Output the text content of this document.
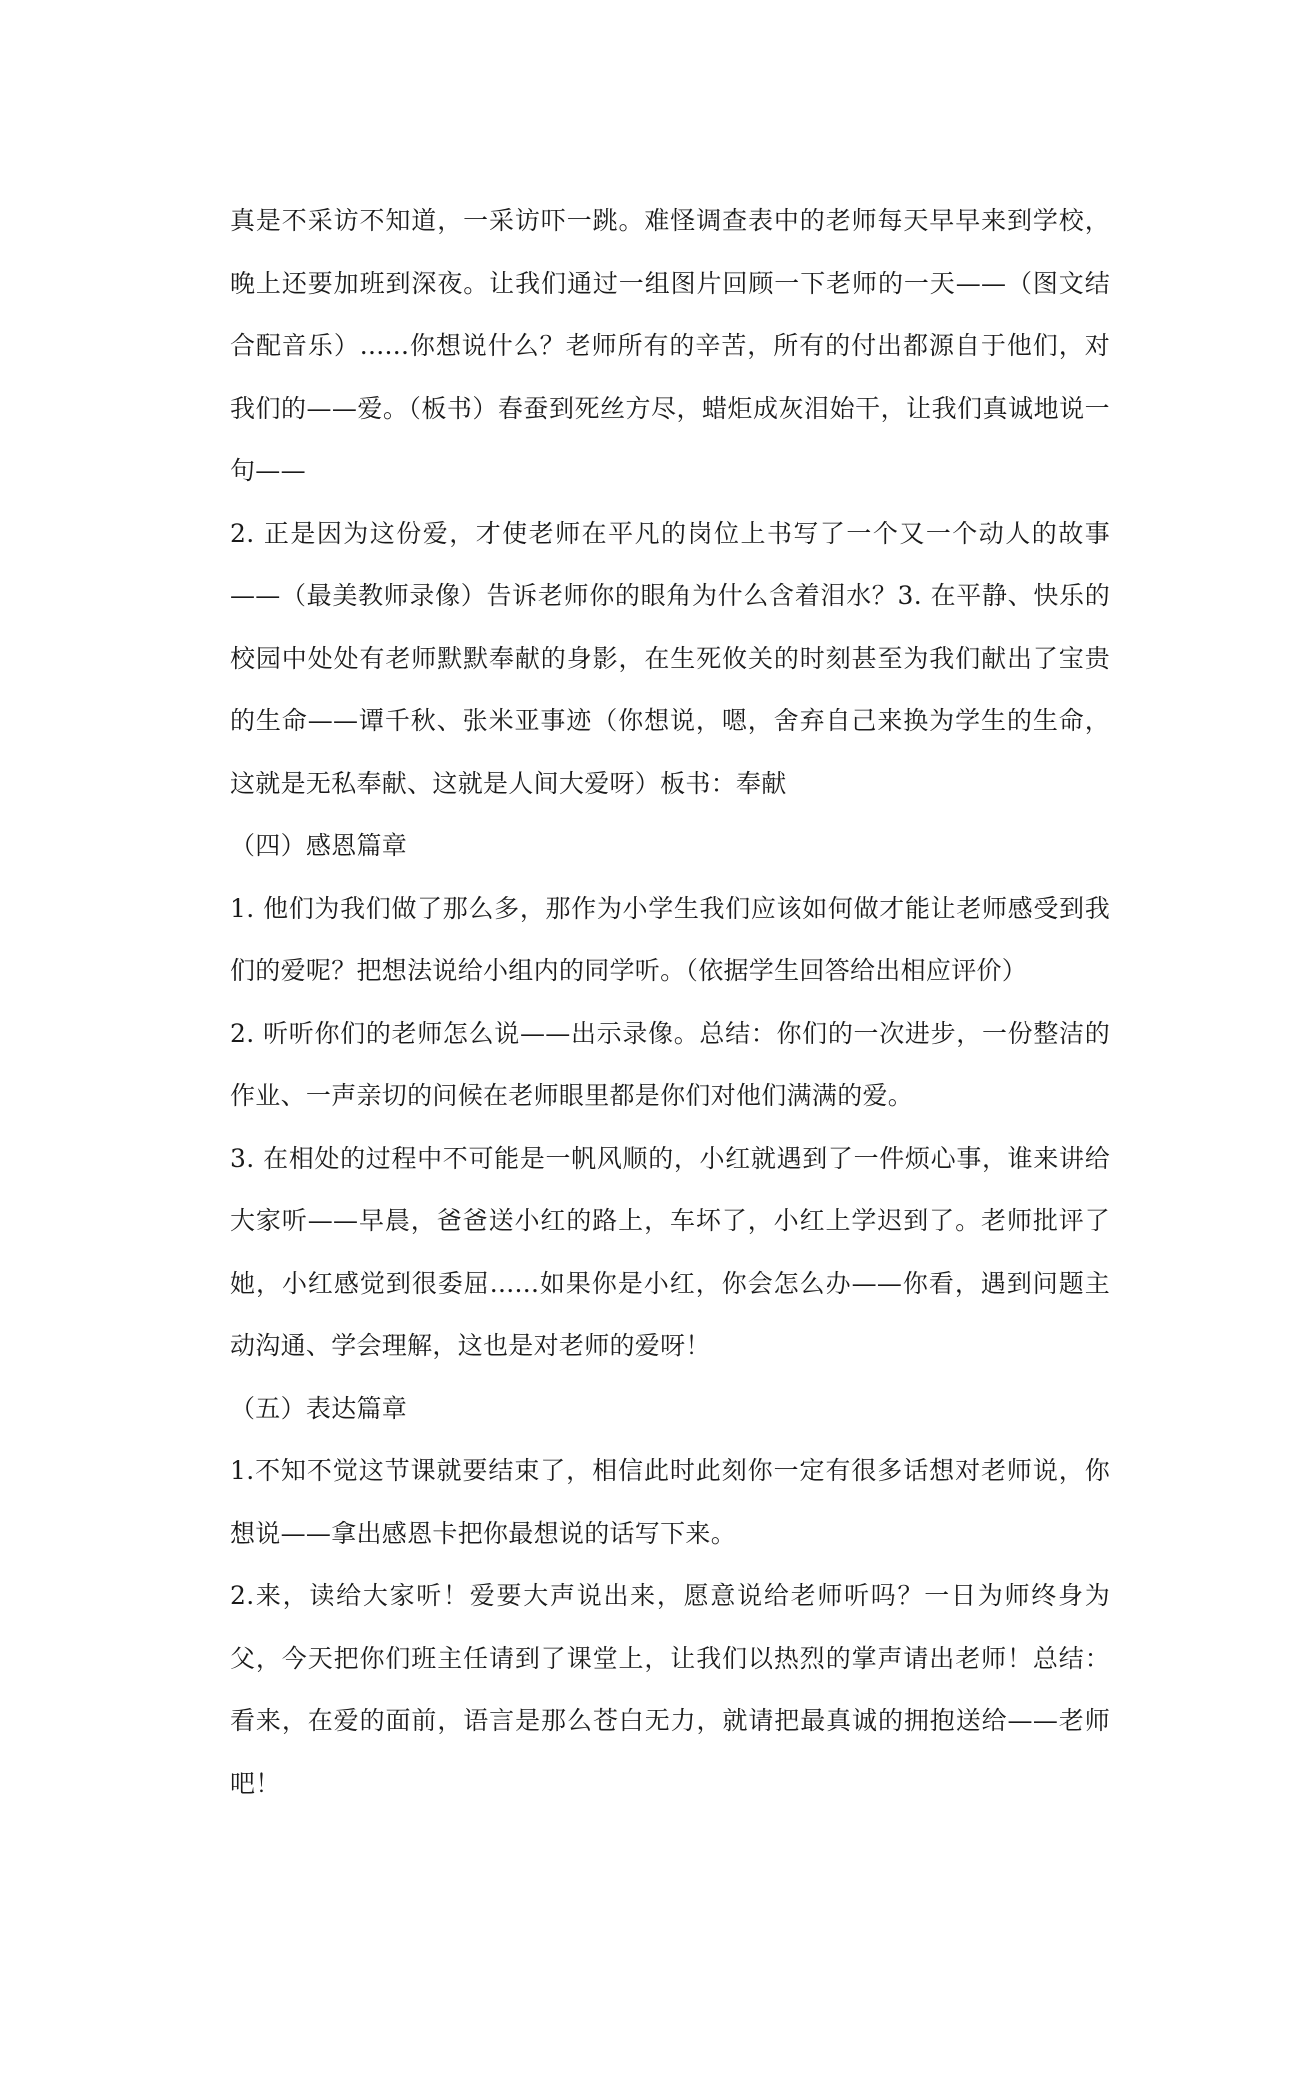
真是不采访不知道，一采访吓一跳。难怪调查表中的老师每天早早来到学校，晚上还要加班到深夜。让我们通过一组图片回顾一下老师的一天——（图文结合配音乐）......你想说什么？老师所有的辛苦，所有的付出都源自于他们，对我们的——爱。（板书）春蚕到死丝方尽，蜡炬成灰泪始干，让我们真诚地说一句——

2. 正是因为这份爱，才使老师在平凡的岗位上书写了一个又一个动人的故事——（最美教师录像）告诉老师你的眼角为什么含着泪水？3. 在平静、快乐的校园中处处有老师默默奉献的身影，在生死攸关的时刻甚至为我们献出了宝贵的生命——谭千秋、张米亚事迹（你想说，嗯，舍弃自己来换为学生的生命，这就是无私奉献、这就是人间大爱呀）板书：奉献

（四）感恩篇章

1. 他们为我们做了那么多，那作为小学生我们应该如何做才能让老师感受到我们的爱呢？把想法说给小组内的同学听。（依据学生回答给出相应评价）

2. 听听你们的老师怎么说——出示录像。总结：你们的一次进步，一份整洁的作业、一声亲切的问候在老师眼里都是你们对他们满满的爱。

3. 在相处的过程中不可能是一帆风顺的，小红就遇到了一件烦心事，谁来讲给大家听——早晨，爸爸送小红的路上，车坏了，小红上学迟到了。老师批评了她，小红感觉到很委屈......如果你是小红，你会怎么办——你看，遇到问题主动沟通、学会理解，这也是对老师的爱呀！

（五）表达篇章

1.不知不觉这节课就要结束了，相信此时此刻你一定有很多话想对老师说，你想说——拿出感恩卡把你最想说的话写下来。

2.来，读给大家听！爱要大声说出来，愿意说给老师听吗？一日为师终身为父，今天把你们班主任请到了课堂上，让我们以热烈的掌声请出老师！总结：看来，在爱的面前，语言是那么苍白无力，就请把最真诚的拥抱送给——老师吧！
